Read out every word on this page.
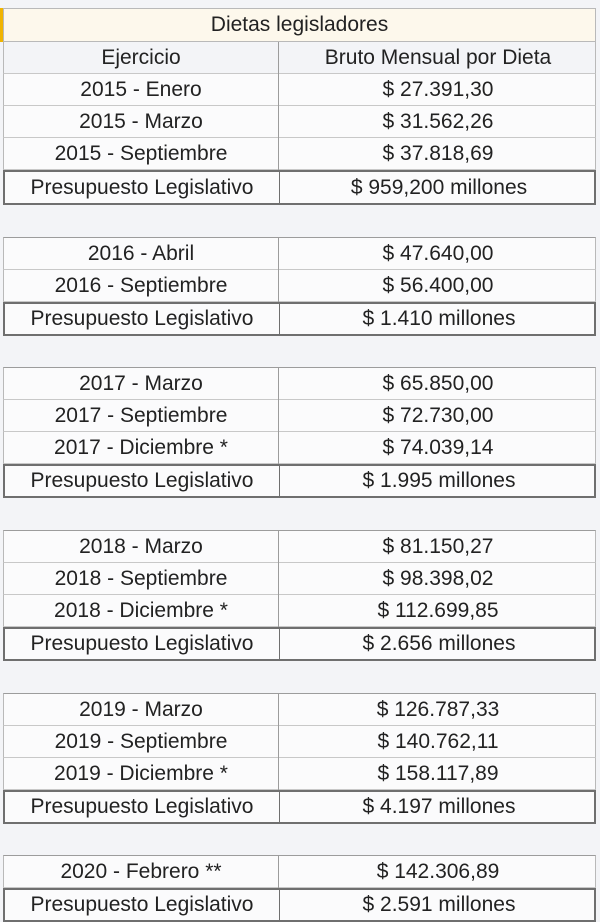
Dietas legisladores
Ejercicio	Bruto Mensual por Dieta
2015 - Enero	$ 27.391,30
2015 - Marzo	$ 31.562,26
2015 - Septiembre	$ 37.818,69
Presupuesto Legislativo	$ 959,200 millones
2016 - Abril	$ 47.640,00
2016 - Septiembre	$ 56.400,00
Presupuesto Legislativo	$ 1.410 millones
2017 - Marzo	$ 65.850,00
2017 - Septiembre	$ 72.730,00
2017 - Diciembre *	$ 74.039,14
Presupuesto Legislativo	$ 1.995 millones
2018 - Marzo	$ 81.150,27
2018 - Septiembre	$ 98.398,02
2018 - Diciembre *	$ 112.699,85
Presupuesto Legislativo	$ 2.656 millones
2019 - Marzo	$ 126.787,33
2019 - Septiembre	$ 140.762,11
2019 - Diciembre *	$ 158.117,89
Presupuesto Legislativo	$ 4.197 millones
2020 - Febrero **	$ 142.306,89
Presupuesto Legislativo	$ 2.591 millones
